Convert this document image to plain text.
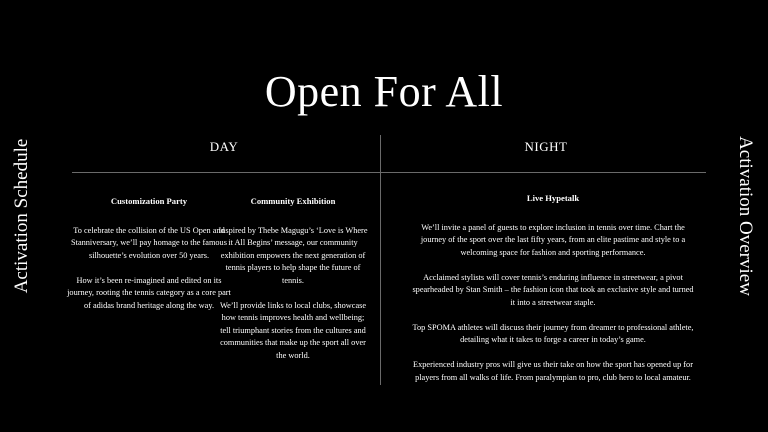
Open For All
Activation Schedule	Activation Overview
DAY	NIGHT
Customization Party

To celebrate the collision of the US Open and Stanniversary, we’ll pay homage to the famous silhouette’s evolution over 50 years.

How it’s been re-imagined and edited on its journey, rooting the tennis category as a core part of adidas brand heritage along the way.

Community Exhibition

Inspired by Thebe Magugu’s ‘Love is Where it All Begins’ message, our community exhibition empowers the next generation of tennis players to help shape the future of tennis.

We’ll provide links to local clubs, showcase how tennis improves health and wellbeing; tell triumphant stories from the cultures and communities that make up the sport all over the world.

Live Hypetalk

We’ll invite a panel of guests to explore inclusion in tennis over time. Chart the journey of the sport over the last fifty years, from an elite pastime and style to a welcoming space for fashion and sporting performance.

Acclaimed stylists will cover tennis’s enduring influence in streetwear, a pivot spearheaded by Stan Smith – the fashion icon that took an exclusive style and turned it into a streetwear staple.

Top SPOMA athletes will discuss their journey from dreamer to professional athlete, detailing what it takes to forge a career in today’s game.

Experienced industry pros will give us their take on how the sport has opened up for players from all walks of life. From paralympian to pro, club hero to local amateur.
